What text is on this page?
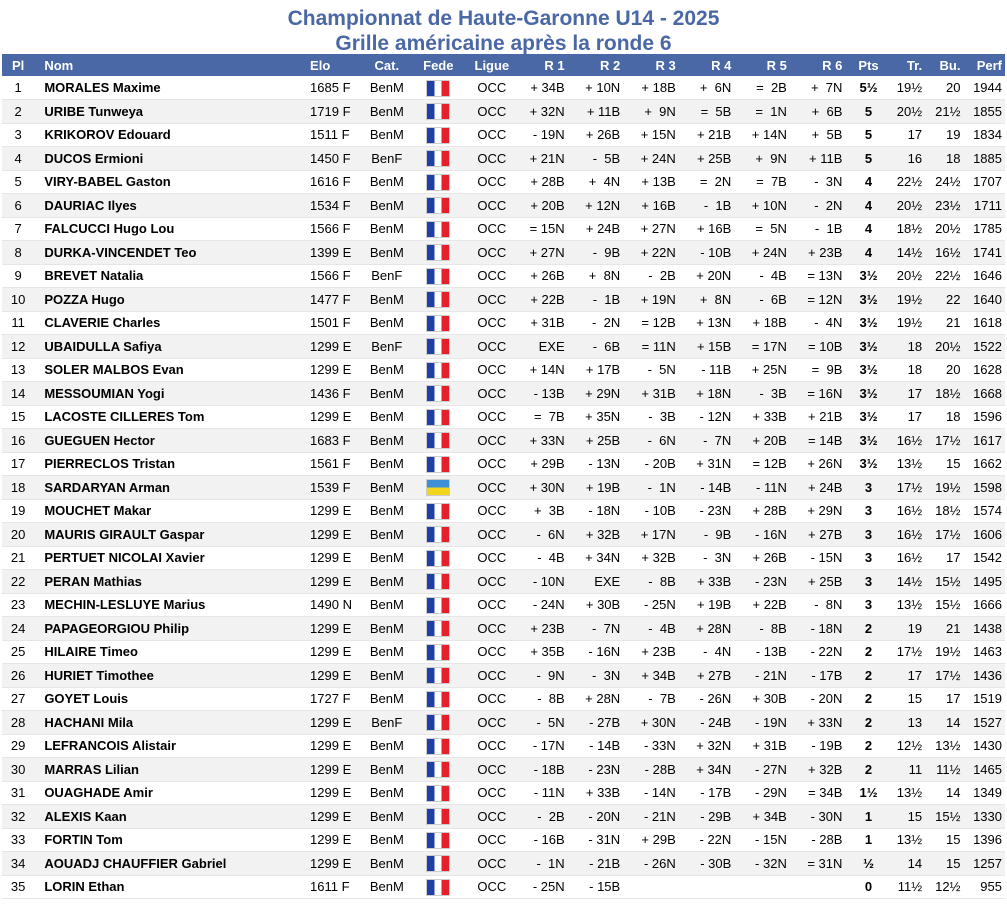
Championnat de Haute-Garonne U14 - 2025
Grille américaine après la ronde 6
Pl	Nom	Elo	Cat.	Fede	Ligue	R 1	R 2	R 3	R 4	R 5	R 6	Pts	Tr.	Bu.	Perf
1	MORALES Maxime	1685 F	BenM		OCC	+ 34B	+ 10N	+ 18B	+  6N	=  2B	+  7N	5½	19½	20	1944
2	URIBE Tunweya	1719 F	BenM		OCC	+ 32N	+ 11B	+  9N	=  5B	=  1N	+  6B	5	20½	21½	1855
3	KRIKOROV Edouard	1511 F	BenM		OCC	- 19N	+ 26B	+ 15N	+ 21B	+ 14N	+  5B	5	17	19	1834
4	DUCOS Ermioni	1450 F	BenF		OCC	+ 21N	-  5B	+ 24N	+ 25B	+  9N	+ 11B	5	16	18	1885
5	VIRY-BABEL Gaston	1616 F	BenM		OCC	+ 28B	+  4N	+ 13B	=  2N	=  7B	-  3N	4	22½	24½	1707
6	DAURIAC Ilyes	1534 F	BenM		OCC	+ 20B	+ 12N	+ 16B	-  1B	+ 10N	-  2N	4	20½	23½	1711
7	FALCUCCI Hugo Lou	1566 F	BenM		OCC	= 15N	+ 24B	+ 27N	+ 16B	=  5N	-  1B	4	18½	20½	1785
8	DURKA-VINCENDET Teo	1399 E	BenM		OCC	+ 27N	-  9B	+ 22N	- 10B	+ 24N	+ 23B	4	14½	16½	1741
9	BREVET Natalia	1566 F	BenF		OCC	+ 26B	+  8N	-  2B	+ 20N	-  4B	= 13N	3½	20½	22½	1646
10	POZZA Hugo	1477 F	BenM		OCC	+ 22B	-  1B	+ 19N	+  8N	-  6B	= 12N	3½	19½	22	1640
11	CLAVERIE Charles	1501 F	BenM		OCC	+ 31B	-  2N	= 12B	+ 13N	+ 18B	-  4N	3½	19½	21	1618
12	UBAIDULLA Safiya	1299 E	BenF		OCC	EXE	-  6B	= 11N	+ 15B	= 17N	= 10B	3½	18	20½	1522
13	SOLER MALBOS Evan	1299 E	BenM		OCC	+ 14N	+ 17B	-  5N	- 11B	+ 25N	=  9B	3½	18	20	1628
14	MESSOUMIAN Yogi	1436 F	BenM		OCC	- 13B	+ 29N	+ 31B	+ 18N	-  3B	= 16N	3½	17	18½	1668
15	LACOSTE CILLERES Tom	1299 E	BenM		OCC	=  7B	+ 35N	-  3B	- 12N	+ 33B	+ 21B	3½	17	18	1596
16	GUEGUEN Hector	1683 F	BenM		OCC	+ 33N	+ 25B	-  6N	-  7N	+ 20B	= 14B	3½	16½	17½	1617
17	PIERRECLOS Tristan	1561 F	BenM		OCC	+ 29B	- 13N	- 20B	+ 31N	= 12B	+ 26N	3½	13½	15	1662
18	SARDARYAN Arman	1539 F	BenM		OCC	+ 30N	+ 19B	-  1N	- 14B	- 11N	+ 24B	3	17½	19½	1598
19	MOUCHET Makar	1299 E	BenM		OCC	+  3B	- 18N	- 10B	- 23N	+ 28B	+ 29N	3	16½	18½	1574
20	MAURIS GIRAULT Gaspar	1299 E	BenM		OCC	-  6N	+ 32B	+ 17N	-  9B	- 16N	+ 27B	3	16½	17½	1606
21	PERTUET NICOLAI Xavier	1299 E	BenM		OCC	-  4B	+ 34N	+ 32B	-  3N	+ 26B	- 15N	3	16½	17	1542
22	PERAN Mathias	1299 E	BenM		OCC	- 10N	EXE	-  8B	+ 33B	- 23N	+ 25B	3	14½	15½	1495
23	MECHIN-LESLUYE Marius	1490 N	BenM		OCC	- 24N	+ 30B	- 25N	+ 19B	+ 22B	-  8N	3	13½	15½	1666
24	PAPAGEORGIOU Philip	1299 E	BenM		OCC	+ 23B	-  7N	-  4B	+ 28N	-  8B	- 18N	2	19	21	1438
25	HILAIRE Timeo	1299 E	BenM		OCC	+ 35B	- 16N	+ 23B	-  4N	- 13B	- 22N	2	17½	19½	1463
26	HURIET Timothee	1299 E	BenM		OCC	-  9N	-  3N	+ 34B	+ 27B	- 21N	- 17B	2	17	17½	1436
27	GOYET Louis	1727 F	BenM		OCC	-  8B	+ 28N	-  7B	- 26N	+ 30B	- 20N	2	15	17	1519
28	HACHANI Mila	1299 E	BenF		OCC	-  5N	- 27B	+ 30N	- 24B	- 19N	+ 33N	2	13	14	1527
29	LEFRANCOIS Alistair	1299 E	BenM		OCC	- 17N	- 14B	- 33N	+ 32N	+ 31B	- 19B	2	12½	13½	1430
30	MARRAS Lilian	1299 E	BenM		OCC	- 18B	- 23N	- 28B	+ 34N	- 27N	+ 32B	2	11	11½	1465
31	OUAGHADE Amir	1299 E	BenM		OCC	- 11N	+ 33B	- 14N	- 17B	- 29N	= 34B	1½	13½	14	1349
32	ALEXIS Kaan	1299 E	BenM		OCC	-  2B	- 20N	- 21N	- 29B	+ 34B	- 30N	1	15	15½	1330
33	FORTIN Tom	1299 E	BenM		OCC	- 16B	- 31N	+ 29B	- 22N	- 15N	- 28B	1	13½	15	1396
34	AOUADJ CHAUFFIER Gabriel	1299 E	BenM		OCC	-  1N	- 21B	- 26N	- 30B	- 32N	= 31N	½	14	15	1257
35	LORIN Ethan	1611 F	BenM		OCC	- 25N	- 15B					0	11½	12½	955
